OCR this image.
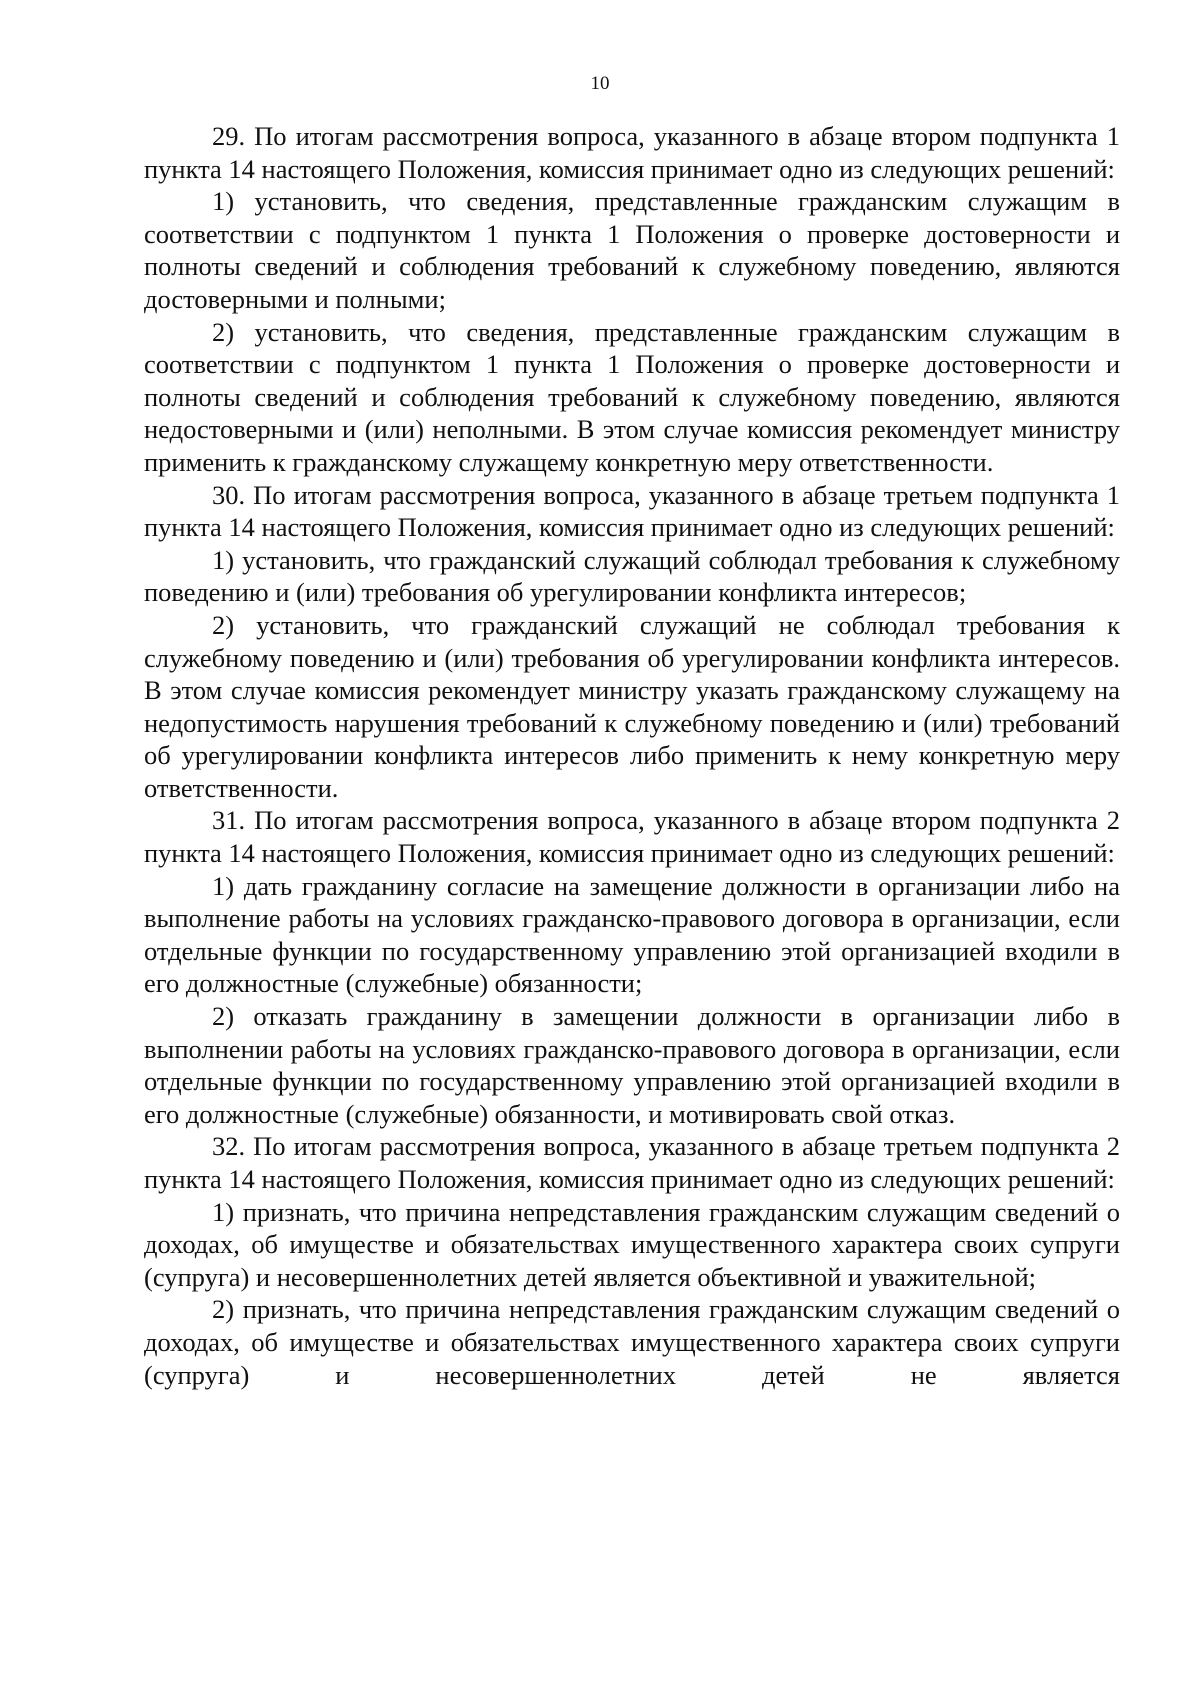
10

29. По итогам рассмотрения вопроса, указанного в абзаце втором подпункта 1 пункта 14 настоящего Положения, комиссия принимает одно из следующих решений:

1) установить, что сведения, представленные гражданским служащим в соответствии с подпунктом 1 пункта 1 Положения о проверке достоверности и полноты сведений и соблюдения требований к служебному поведению, являются достоверными и полными;

2) установить, что сведения, представленные гражданским служащим в соответствии с подпунктом 1 пункта 1 Положения о проверке достоверности и полноты сведений и соблюдения требований к служебному поведению, являются недостоверными и (или) неполными. В этом случае комиссия рекомендует министру применить к гражданскому служащему конкретную меру ответственности.

30. По итогам рассмотрения вопроса, указанного в абзаце третьем подпункта 1 пункта 14 настоящего Положения, комиссия принимает одно из следующих решений:

1) установить, что гражданский служащий соблюдал требования к служебному поведению и (или) требования об урегулировании конфликта интересов;

2) установить, что гражданский служащий не соблюдал требования к служебному поведению и (или) требования об урегулировании конфликта интересов. В этом случае комиссия рекомендует министру указать гражданскому служащему на недопустимость нарушения требований к служебному поведению и (или) требований об урегулировании конфликта интересов либо применить к нему конкретную меру ответственности.

31. По итогам рассмотрения вопроса, указанного в абзаце втором подпункта 2 пункта 14 настоящего Положения, комиссия принимает одно из следующих решений:

1) дать гражданину согласие на замещение должности в организации либо на выполнение работы на условиях гражданско-правового договора в организации, если отдельные функции по государственному управлению этой организацией входили в его должностные (служебные) обязанности;

2) отказать гражданину в замещении должности в организации либо в выполнении работы на условиях гражданско-правового договора в организации, если отдельные функции по государственному управлению этой организацией входили в его должностные (служебные) обязанности, и мотивировать свой отказ.

32. По итогам рассмотрения вопроса, указанного в абзаце третьем подпункта 2 пункта 14 настоящего Положения, комиссия принимает одно из следующих решений:

1) признать, что причина непредставления гражданским служащим сведений о доходах, об имуществе и обязательствах имущественного характера своих супруги (супруга) и несовершеннолетних детей является объективной и уважительной;

2) признать, что причина непредставления гражданским служащим сведений о доходах, об имуществе и обязательствах имущественного характера своих супруги (супруга) и несовершеннолетних детей не является
